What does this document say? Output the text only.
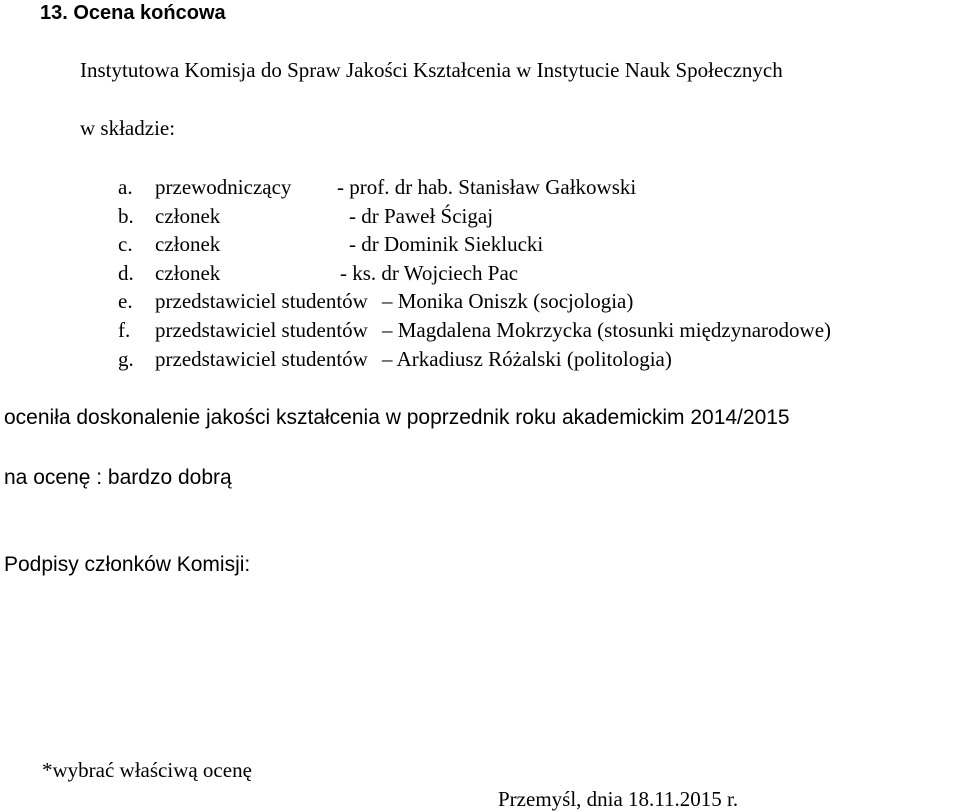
13. Ocena końcowa
Instytutowa Komisja do Spraw Jakości Kształcenia w Instytucie Nauk Społecznych
w składzie:
a. przewodniczący - prof. dr hab. Stanisław Gałkowski
b. członek	- dr Paweł Ścigaj
c. członek	- dr Dominik Sieklucki
d. członek	- ks. dr Wojciech Pac
e. przedstawiciel studentów – Monika Oniszk (socjologia)
f. przedstawiciel studentów – Magdalena Mokrzycka (stosunki międzynarodowe)
g. przedstawiciel studentów – Arkadiusz Różalski (politologia)
oceniła doskonalenie jakości kształcenia w poprzednik roku akademickim 2014/2015
na ocenę : bardzo dobrą
Podpisy członków Komisji:
*wybrać właściwą ocenę
Przemyśl, dnia 18.11.2015 r.
